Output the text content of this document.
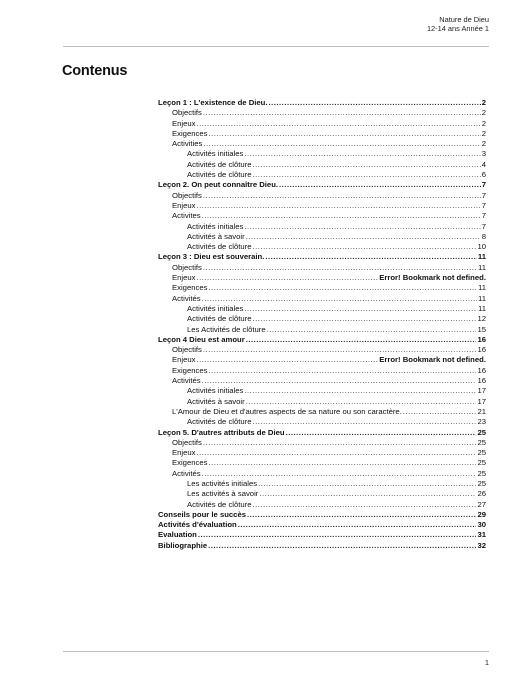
Nature de Dieu
12-14 ans Année 1
Contenus
Leçon 1 : L'existence de Dieu. .....	2
Objectifs .....	2
Enjeux .....	2
Exigences .....	2
Activities .....	2
Activités initiales .....	3
Activités de clôture .....	4
Activités de clôture .....	6
Leçon 2. On peut connaître Dieu. .....	7
Objectifs .....	7
Enjeux .....	7
Activites .....	7
Activités initiales .....	7
Activités à savoir .....	8
Activités de clôture .....	10
Leçon 3 : Dieu est souverain. .....	11
Objectifs .....	11
Enjeux .....	Error! Bookmark not defined.
Exigences .....	11
Activités .....	11
Activités initiales .....	11
Activités de clôture .....	12
Les Activités de clôture .....	15
Leçon 4 Dieu est amour .....	16
Objectifs .....	16
Enjeux .....	Error! Bookmark not defined.
Exigences .....	16
Activités .....	16
Activités initiales .....	17
Activités à savoir .....	17
L'Amour de Dieu et d'autres aspects de sa nature ou son caractère. .....	21
Activités de clôture .....	23
Leçon 5. D'autres attributs de Dieu .....	25
Objectifs .....	25
Enjeux .....	25
Exigences .....	25
Activités .....	25
Les activités initiales .....	25
Les activités à savoir .....	26
Activités de clôture .....	27
Conseils pour le succès .....	29
Activités d'évaluation .....	30
Evaluation .....	31
Bibliographie .....	32
1
